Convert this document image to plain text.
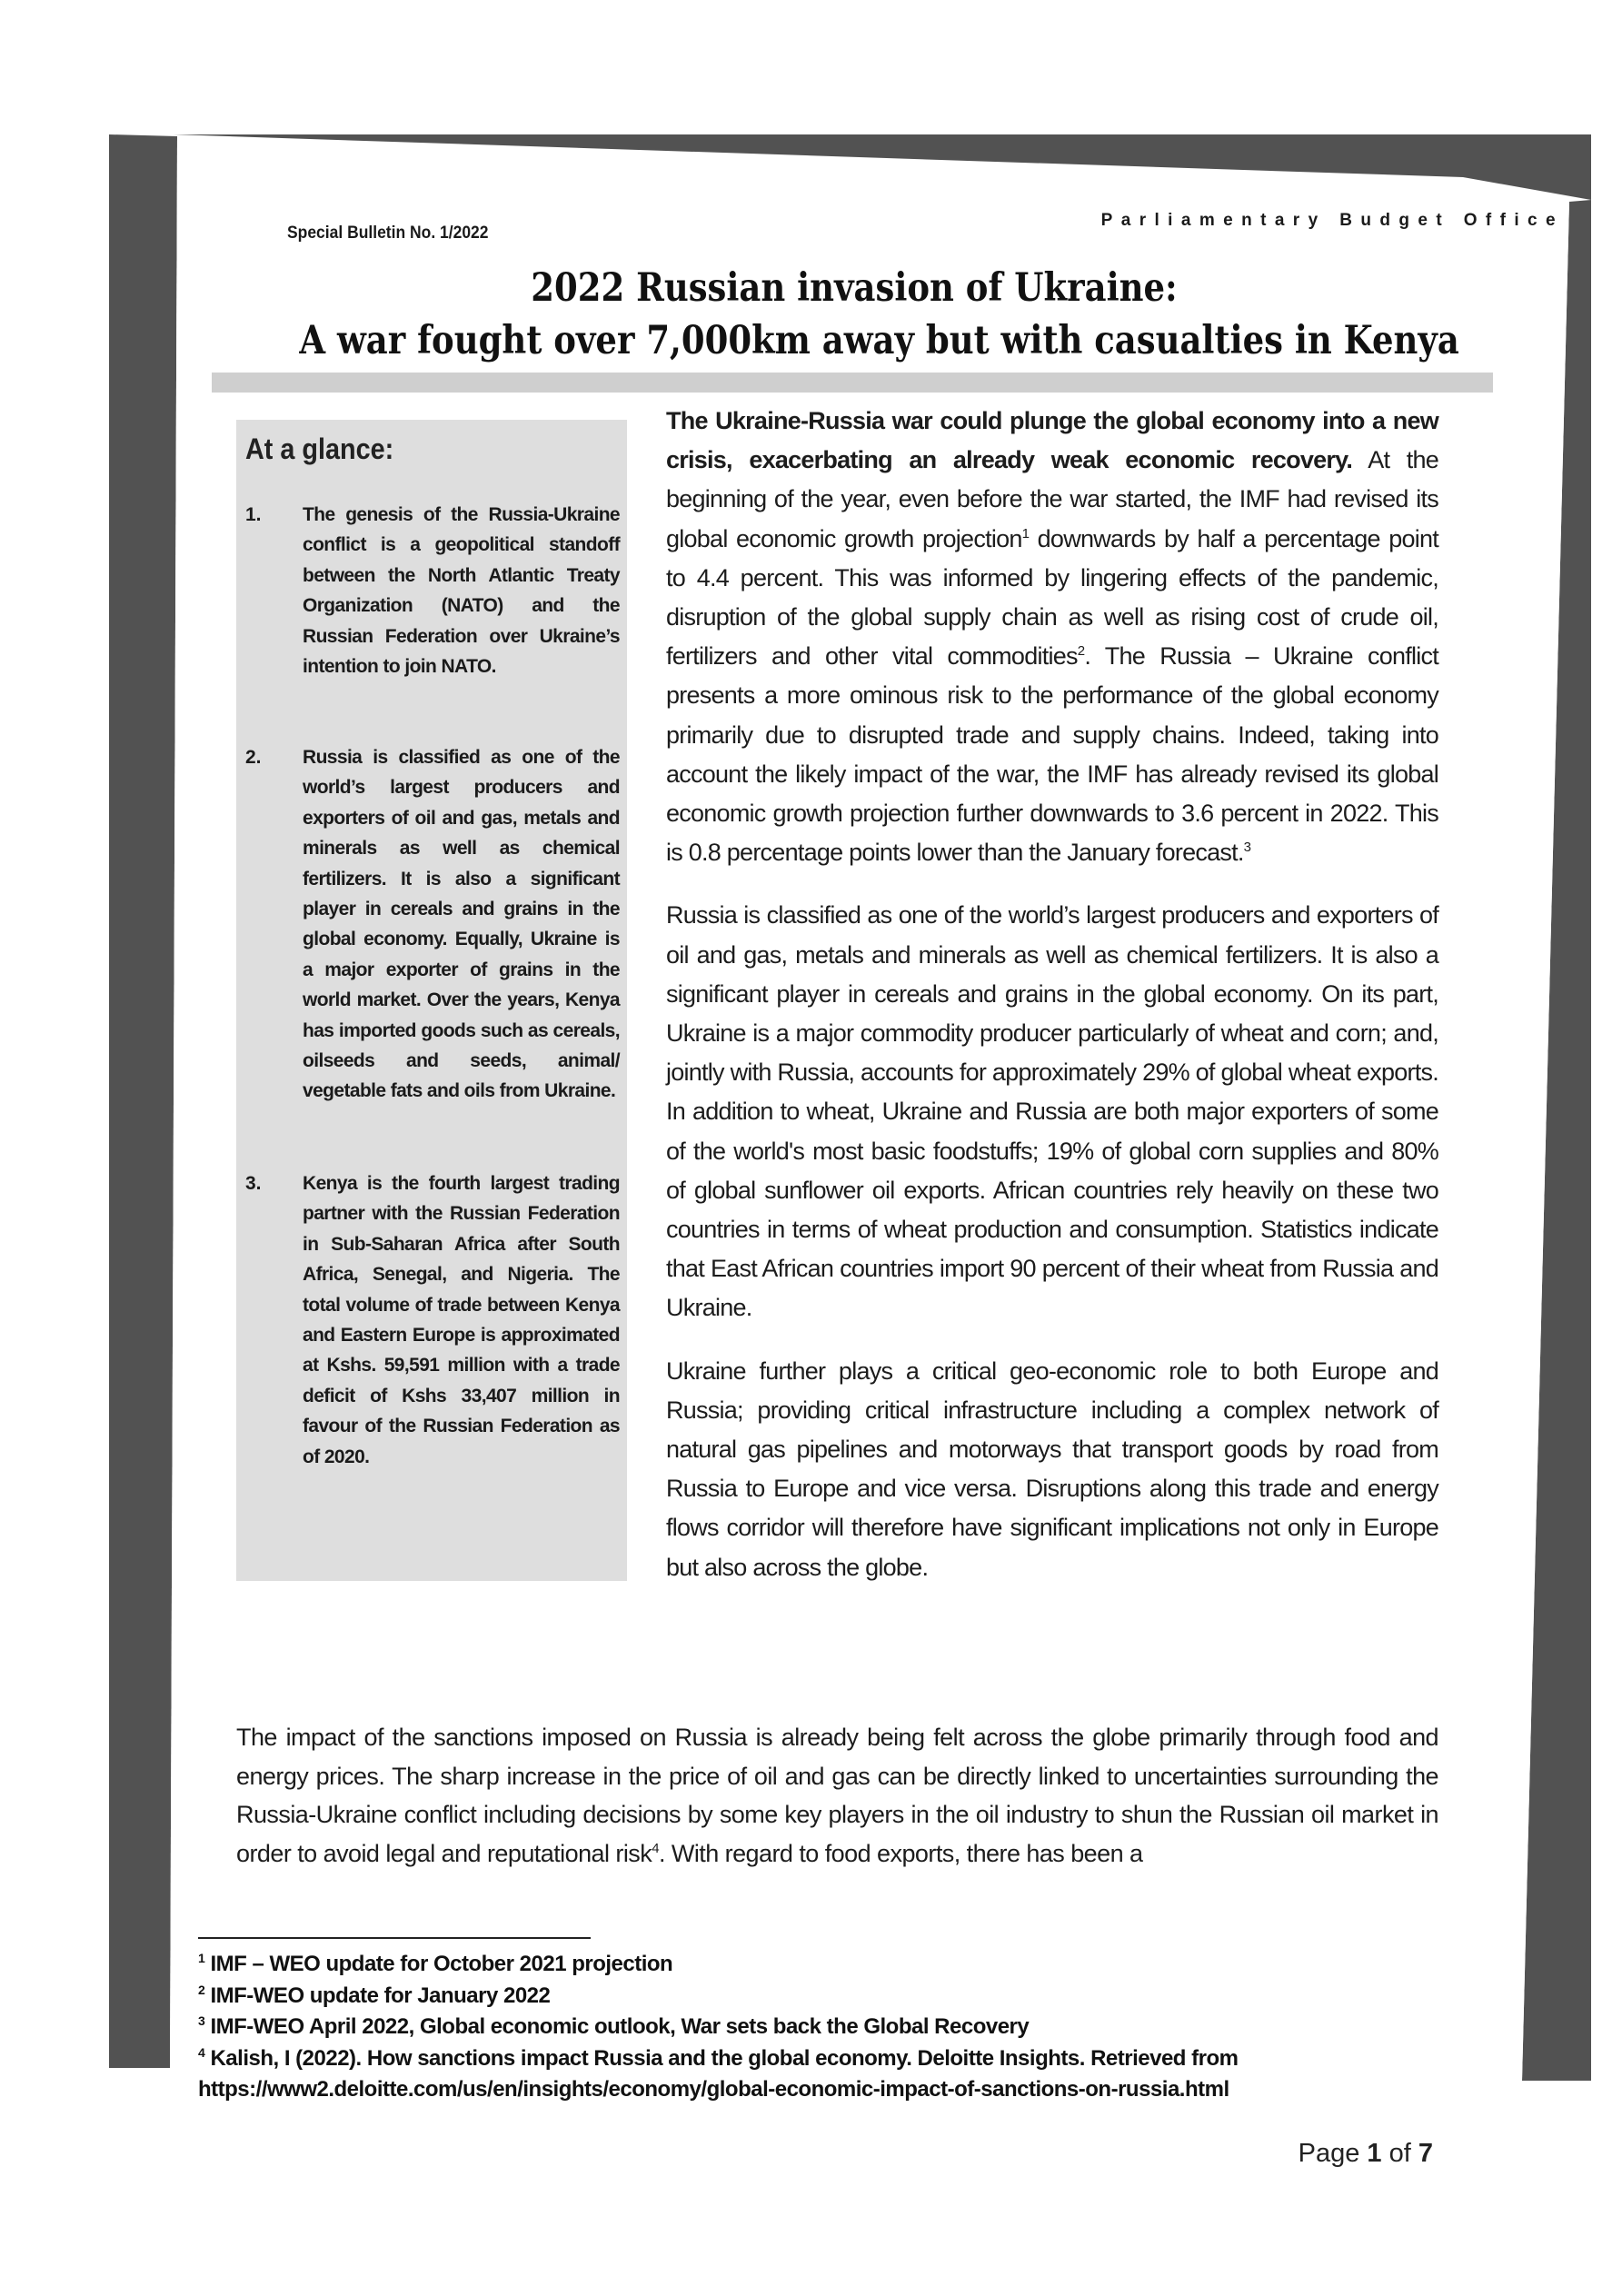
Special Bulletin No. 1/2022
Parliamentary Budget Office
2022 Russian invasion of Ukraine:
A war fought over 7,000km away but with casualties in Kenya
At a glance:
1. The genesis of the Russia-Ukraine conflict is a geopolitical standoff between the North Atlantic Treaty Organization (NATO) and the Russian Federation over Ukraine’s intention to join NATO.
2. Russia is classified as one of the world’s largest producers and exporters of oil and gas, metals and minerals as well as chemical fertilizers. It is also a significant player in cereals and grains in the global economy. Equally, Ukraine is a major exporter of grains in the world market. Over the years, Kenya has imported goods such as cereals, oilseeds and seeds, animal/ vegetable fats and oils from Ukraine.
3. Kenya is the fourth largest trading partner with the Russian Federation in Sub-Saharan Africa after South Africa, Senegal, and Nigeria. The total volume of trade between Kenya and Eastern Europe is approximated at Kshs. 59,591 million with a trade deficit of Kshs 33,407 million in favour of the Russian Federation as of 2020.

The Ukraine-Russia war could plunge the global economy into a new crisis, exacerbating an already weak economic recovery. At the beginning of the year, even before the war started, the IMF had revised its global economic growth projection$^1$ downwards by half a percentage point to 4.4 percent. This was informed by lingering effects of the pandemic, disruption of the global supply chain as well as rising cost of crude oil, fertilizers and other vital commodities$^2$. The Russia – Ukraine conflict presents a more ominous risk to the performance of the global economy primarily due to disrupted trade and supply chains. Indeed, taking into account the likely impact of the war, the IMF has already revised its global economic growth projection further downwards to 3.6 percent in 2022. This is 0.8 percentage points lower than the January forecast.$^3$

Russia is classified as one of the world’s largest producers and exporters of oil and gas, metals and minerals as well as chemical fertilizers. It is also a significant player in cereals and grains in the global economy. On its part, Ukraine is a major commodity producer particularly of wheat and corn; and, jointly with Russia, accounts for approximately 29% of global wheat exports. In addition to wheat, Ukraine and Russia are both major exporters of some of the world's most basic foodstuffs; 19% of global corn supplies and 80% of global sunflower oil exports. African countries rely heavily on these two countries in terms of wheat production and consumption. Statistics indicate that East African countries import 90 percent of their wheat from Russia and Ukraine.

Ukraine further plays a critical geo-economic role to both Europe and Russia; providing critical infrastructure including a complex network of natural gas pipelines and motorways that transport goods by road from Russia to Europe and vice versa. Disruptions along this trade and energy flows corridor will therefore have significant implications not only in Europe but also across the globe.

The impact of the sanctions imposed on Russia is already being felt across the globe primarily through food and energy prices. The sharp increase in the price of oil and gas can be directly linked to uncertainties surrounding the Russia-Ukraine conflict including decisions by some key players in the oil industry to shun the Russian oil market in order to avoid legal and reputational risk$^4$. With regard to food exports, there has been a
$^1$ IMF – WEO update for October 2021 projection
$^2$ IMF-WEO update for January 2022
$^3$ IMF-WEO April 2022, Global economic outlook, War sets back the Global Recovery
$^4$ Kalish, I (2022). How sanctions impact Russia and the global economy. Deloitte Insights. Retrieved from
https://www2.deloitte.com/us/en/insights/economy/global-economic-impact-of-sanctions-on-russia.html
Page 1 of 7
